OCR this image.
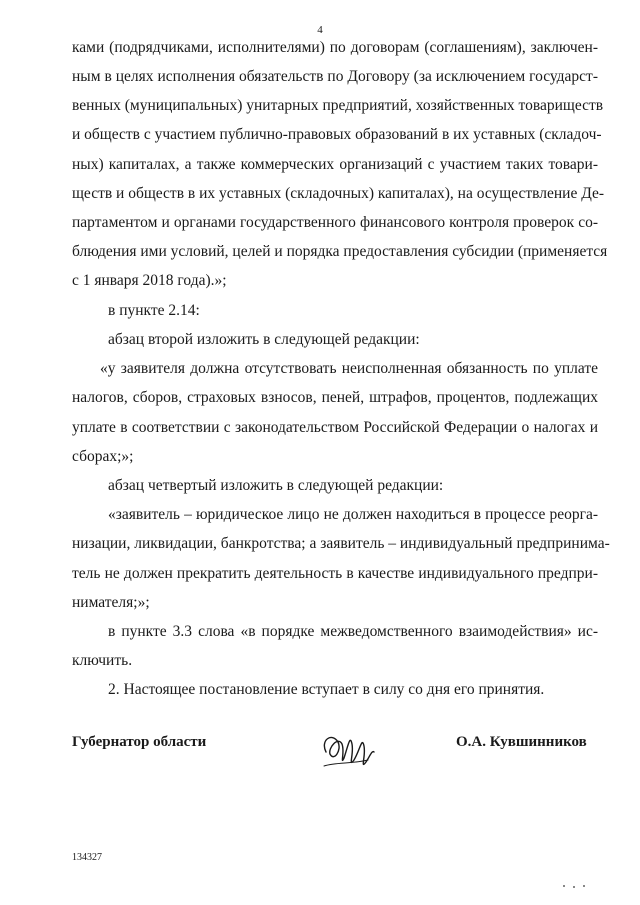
4
ками (подрядчиками, исполнителями) по договорам (соглашениям), заключен-
ным в целях исполнения обязательств по Договору (за исключением государст-
венных (муниципальных) унитарных предприятий, хозяйственных товариществ
и обществ с участием публично-правовых образований в их уставных (складоч-
ных) капиталах, а также коммерческих организаций с участием таких товари-
ществ и обществ в их уставных (складочных) капиталах), на осуществление Де-
партаментом и органами государственного финансового контроля проверок со-
блюдения ими условий, целей и порядка предоставления субсидии (применяется
с 1 января 2018 года).»;
в пункте 2.14:
абзац второй изложить в следующей редакции:
«у заявителя должна отсутствовать неисполненная обязанность по уплате
налогов, сборов, страховых взносов, пеней, штрафов, процентов, подлежащих
уплате в соответствии с законодательством Российской Федерации о налогах и
сборах;»;
абзац четвертый изложить в следующей редакции:
«заявитель – юридическое лицо не должен находиться в процессе реорга-
низации, ликвидации, банкротства; а заявитель – индивидуальный предпринима-
тель не должен прекратить деятельность в качестве индивидуального предпри-
нимателя;»;
в пункте 3.3 слова «в порядке межведомственного взаимодействия» ис-
ключить.
2. Настоящее постановление вступает в силу со дня его принятия.
Губернатор области	О.А. Кувшинников
134327
